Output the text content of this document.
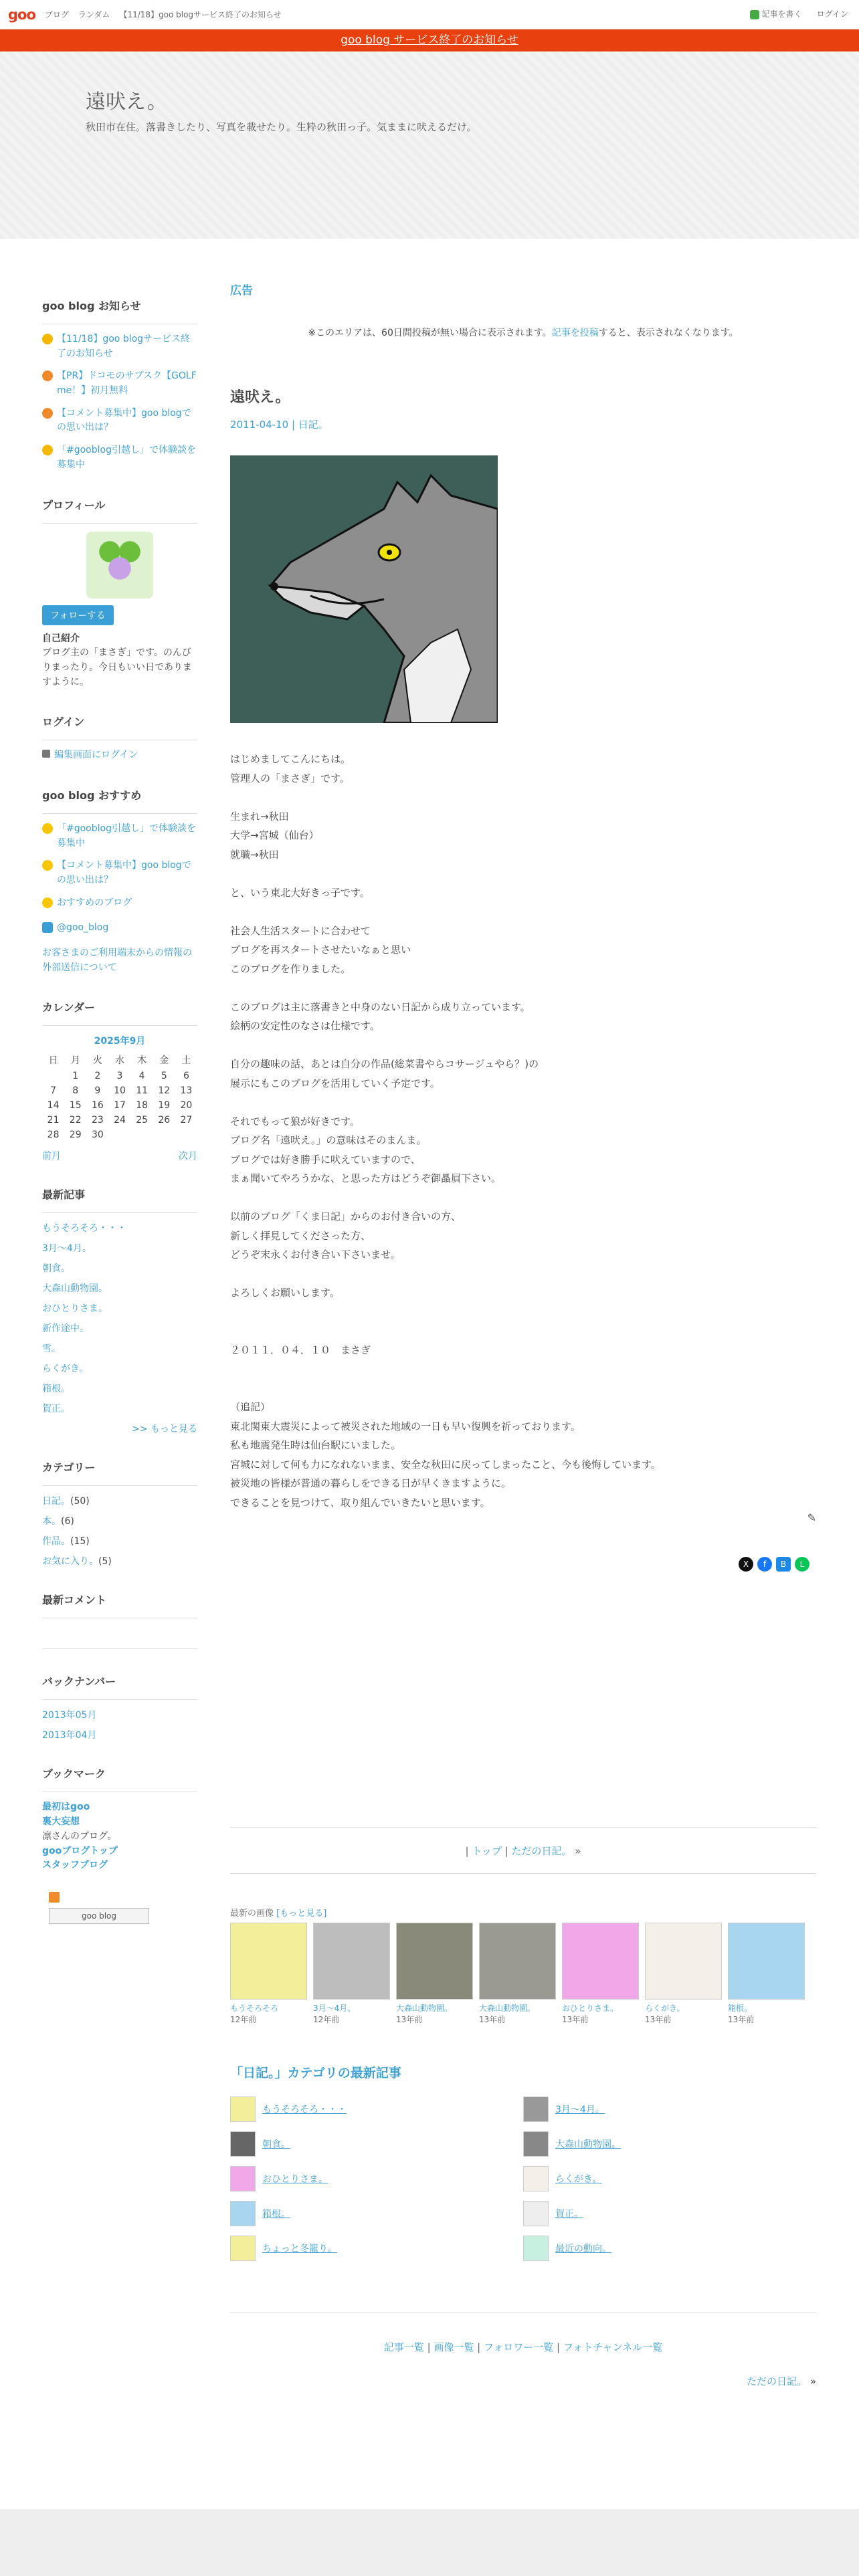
goo ブログ ランダム 【11/18】goo blogサービス終了のお知らせ	記事を書く ログイン
goo blog サービス終了のお知らせ
遠吠え。

秋田市在住。落書きしたり、写真を載せたり。生粋の秋田っ子。気ままに吠えるだけ。

goo blog お知らせ
【11/18】goo blogサービス終了のお知らせ
【PR】ドコモのサブスク【GOLF me！】初月無料
【コメント募集中】goo blogでの思い出は？
「#gooblog引越し」で体験談を募集中
プロフィール
フォローする
自己紹介
ブログ主の「まさぎ」です。のんびりまったり。今日もいい日でありますように。
ログイン
編集画面にログイン
goo blog おすすめ
「#gooblog引越し」で体験談を募集中
【コメント募集中】goo blogでの思い出は？
おすすめのブログ
@goo_blog
お客さまのご利用端末からの情報の外部送信について
カレンダー
2025年9月
日	月	火	水	木	金	土
	1	2	3	4	5	6
7	8	9	10	11	12	13
14	15	16	17	18	19	20
21	22	23	24	25	26	27
28	29	30				
前月	次月
最新記事
もうそろそろ・・・
3月～4月。
朝食。
大森山動物園。
おひとりさま。
新作途中。
雪。
らくがき。
箱根。
賀正。
>> もっと見る
カテゴリー
日記。(50)
本。(6)
作品。(15)
お気に入り。(5)
最新コメント
バックナンバー
2013年05月
2013年04月
ブックマーク
最初はgoo
裏大妄想
凛さんのブログ。
gooブログトップ
スタッフブログ
goo blog
広告
※このエリアは、60日間投稿が無い場合に表示されます。記事を投稿すると、表示されなくなります。
遠吠え。
2011-04-10 | 日記。
はじめましてこんにちは。
管理人の「まさぎ」です。

生まれ→秋田
大学→宮城（仙台）
就職→秋田

と、いう東北大好きっ子です。

社会人生活スタートに合わせて
ブログを再スタートさせたいなぁと思い
このブログを作りました。

このブログは主に落書きと中身のない日記から成り立っています。
絵柄の安定性のなさは仕様です。

自分の趣味の話、あとは自分の作品(総菜書やらコサージュやら？)の
展示にもこのブログを活用していく予定です。

それでもって狼が好きです。
ブログ名「遠吠え。」の意味はそのまんま。
ブログでは好き勝手に吠えていますので、
まぁ聞いてやろうかな、と思った方はどうぞ御贔屓下さい。

以前のブログ「くま日記」からのお付き合いの方、
新しく拝見してくださった方、
どうぞ末永くお付き合い下さいませ。

よろしくお願いします。

２０１１．０４．１０　まさぎ

（追記）
東北関東大震災によって被災された地域の一日も早い復興を祈っております。
私も地震発生時は仙台駅にいました。
宮城に対して何も力になれないまま、安全な秋田に戻ってしまったこと、今も後悔しています。
被災地の皆様が普通の暮らしをできる日が早くきますように。
できることを見つけて、取り組んでいきたいと思います。
✎
X	f	B	L
| トップ | ただの日記。 »
最新の画像 [もっと見る]
もうそろそろ
12年前
3月～4月。
12年前
大森山動物園。
13年前
大森山動物園。
13年前
おひとりさま。
13年前
らくがき。
13年前
箱根。
13年前
「日記。」カテゴリの最新記事
もうそろそろ・・・	3月～4月。
朝食。	大森山動物園。
おひとりさま。	らくがき。
箱根。	賀正。
ちょっと冬籠り。	最近の動向。
記事一覧 | 画像一覧 | フォロワー一覧 | フォトチャンネル一覧
ただの日記。 »
